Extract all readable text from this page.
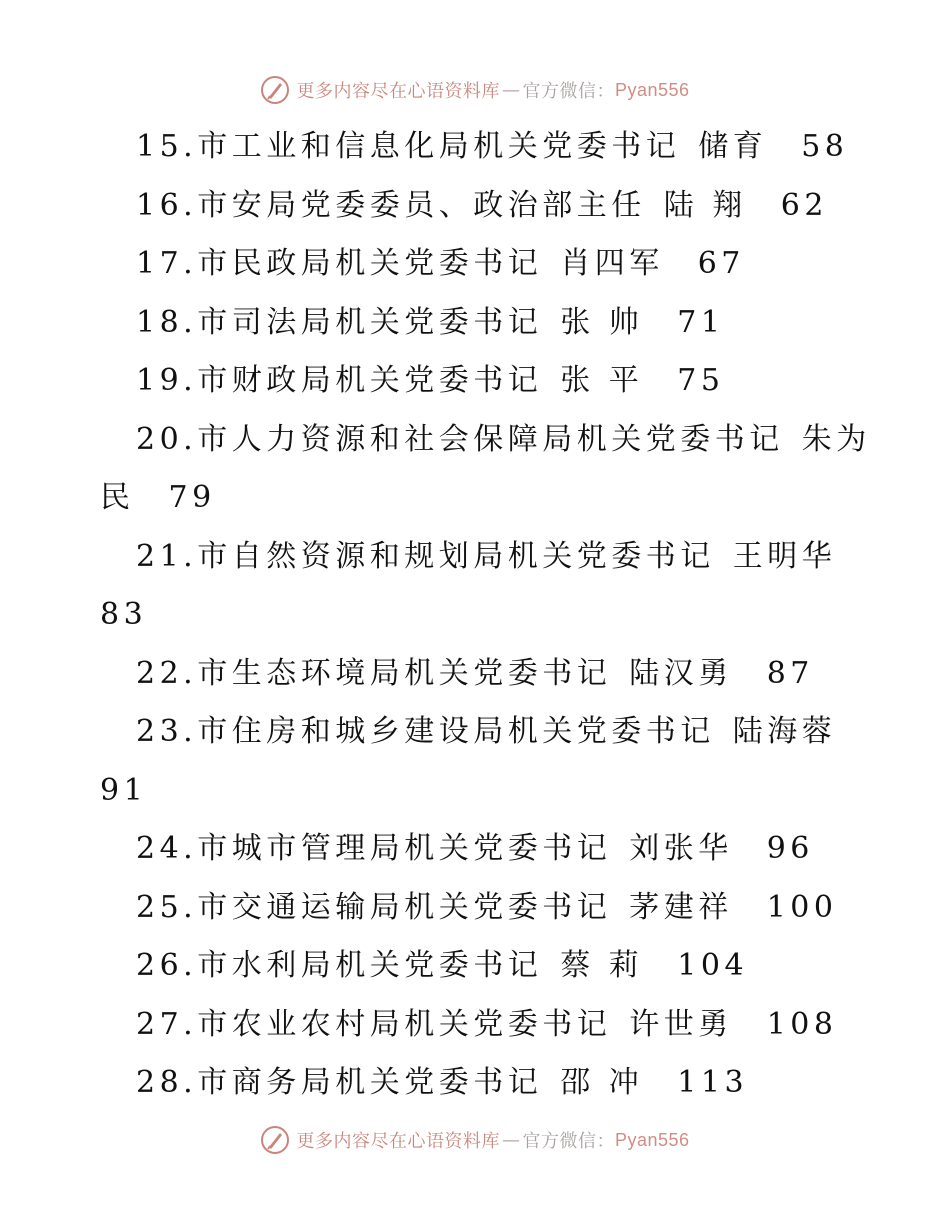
更多内容尽在心语资料库 — 官方微信： Pyan556
15.市工业和信息化局机关党委书记 储育 58
16.市安局党委委员、政治部主任 陆 翔 62
17.市民政局机关党委书记 肖四军 67
18.市司法局机关党委书记 张 帅 71
19.市财政局机关党委书记 张 平 75
20.市人力资源和社会保障局机关党委书记 朱为
民 79
21.市自然资源和规划局机关党委书记 王明华
83
22.市生态环境局机关党委书记 陆汉勇 87
23.市住房和城乡建设局机关党委书记 陆海蓉
91
24.市城市管理局机关党委书记 刘张华 96
25.市交通运输局机关党委书记 茅建祥 100
26.市水利局机关党委书记 蔡 莉 104
27.市农业农村局机关党委书记 许世勇 108
28.市商务局机关党委书记 邵 冲 113
更多内容尽在心语资料库 — 官方微信： Pyan556
